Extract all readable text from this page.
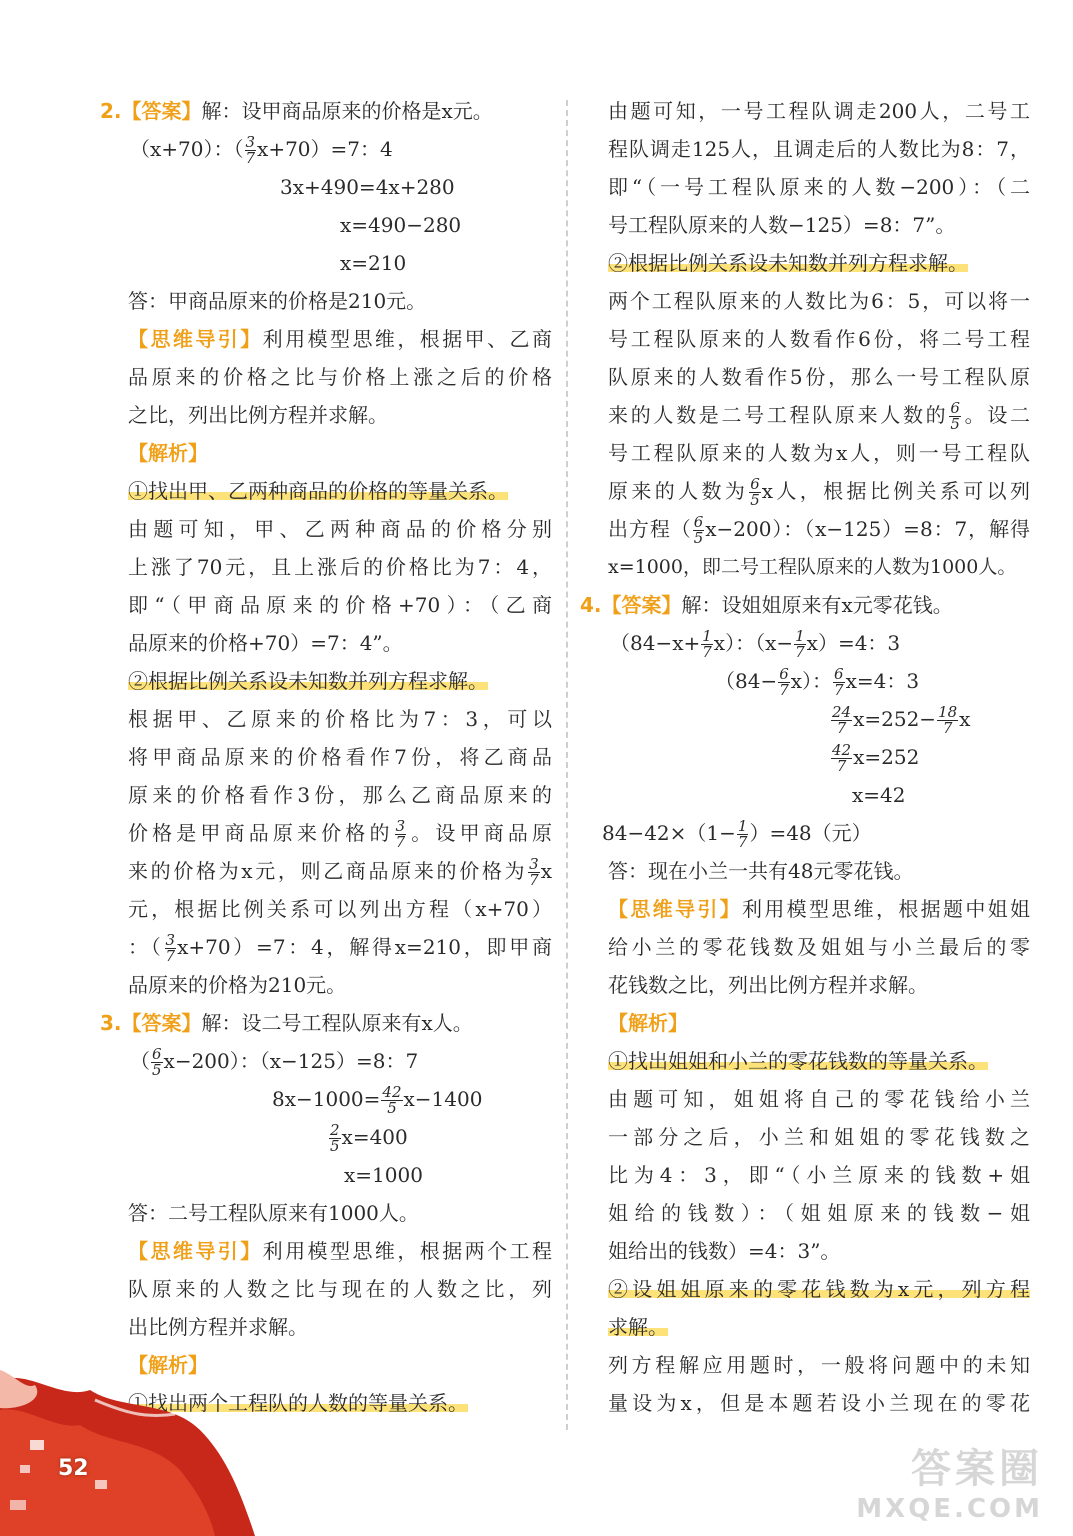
2.【答案】解：设甲商品原来的价格是x元。
（x+70）：（ $\frac{3}{7} x+70)=7$：4
3x+490=4x+280
x=490−280
x=210
答：甲商品原来的价格是210元。
【思维导引】利用模型思维，根据甲、乙商
品原来的价格之比与价格上涨之后的价格
之比，列出比例方程并求解。
【解析】
①找出甲、乙两种商品的价格的等量关系。
由题可知，甲、乙两种商品的价格分别
上涨了70元，且上涨后的价格比为7：4，
即“（甲商品原来的价格+70）：（乙商
品原来的价格+70）=7：4”。
②根据比例关系设未知数并列方程求解。
根据甲、乙原来的价格比为7：3，可以
将甲商品原来的价格看作7份，将乙商品
原来的价格看作3份，那么乙商品原来的
价格是甲商品原来价格的 $\frac{3}{7}$ 。设甲商品原
来的价格为x元，则乙商品原来的价格为 $\frac{3}{7}$ x
元，根据比例关系可以列出方程（x+70）
：（ $\frac{3}{7} x+70)=7$：4，解得x=210，即甲商
品原来的价格为210元。
3.【答案】解：设二号工程队原来有x人。
（ $\frac{6}{5} x-200$）：（x−125）=8：7
$8x-1000= \frac{42}{5} x-1400$
$\frac{2}{5} x=400$
x=1000
答：二号工程队原来有1000人。
【思维导引】利用模型思维，根据两个工程
队原来的人数之比与现在的人数之比，列
出比例方程并求解。
【解析】
①找出两个工程队的人数的等量关系。
由题可知，一号工程队调走200人，二号工
程队调走125人，且调走后的人数比为8：7，
即“（一号工程队原来的人数−200）：（二
号工程队原来的人数−125）=8：7”。
②根据比例关系设未知数并列方程求解。
两个工程队原来的人数比为6：5，可以将一
号工程队原来的人数看作6份，将二号工程
队原来的人数看作5份，那么一号工程队原
来的人数是二号工程队原来人数的 $\frac{6}{5}$ 。设二
号工程队原来的人数为x人，则一号工程队
原来的人数为 $\frac{6}{5}$ x人，根据比例关系可以列
出方程（ $\frac{6}{5} x-200$）：（x−125）=8：7，解得
x=1000，即二号工程队原来的人数为1000人。
4.【答案】解：设姐姐原来有x元零花钱。
$(84-x+ \frac{1}{7} x)$：$(x- \frac{1}{7} x)=4$：3
$(84- \frac{6}{7} x)$： $\frac{6}{7} x=4$：3
$\frac{24}{7} x=252- \frac{18}{7}$ x
$\frac{42}{7} x=252$
x=42
$84-42\times(1- \frac{1}{7} )=48$（元）
答：现在小兰一共有48元零花钱。
【思维导引】利用模型思维，根据题中姐姐
给小兰的零花钱数及姐姐与小兰最后的零
花钱数之比，列出比例方程并求解。
【解析】
①找出姐姐和小兰的零花钱数的等量关系。
由题可知，姐姐将自己的零花钱给小兰
一部分之后，小兰和姐姐的零花钱数之
比为4：3，即“（小兰原来的钱数+姐
姐给的钱数）：（姐姐原来的钱数−姐
姐给出的钱数）=4：3”。
②设姐姐原来的零花钱数为x元，列方程
求解。
列方程解应用题时，一般将问题中的未知
量设为x，但是本题若设小兰现在的零花
52	答案圈
MXQE.COM
